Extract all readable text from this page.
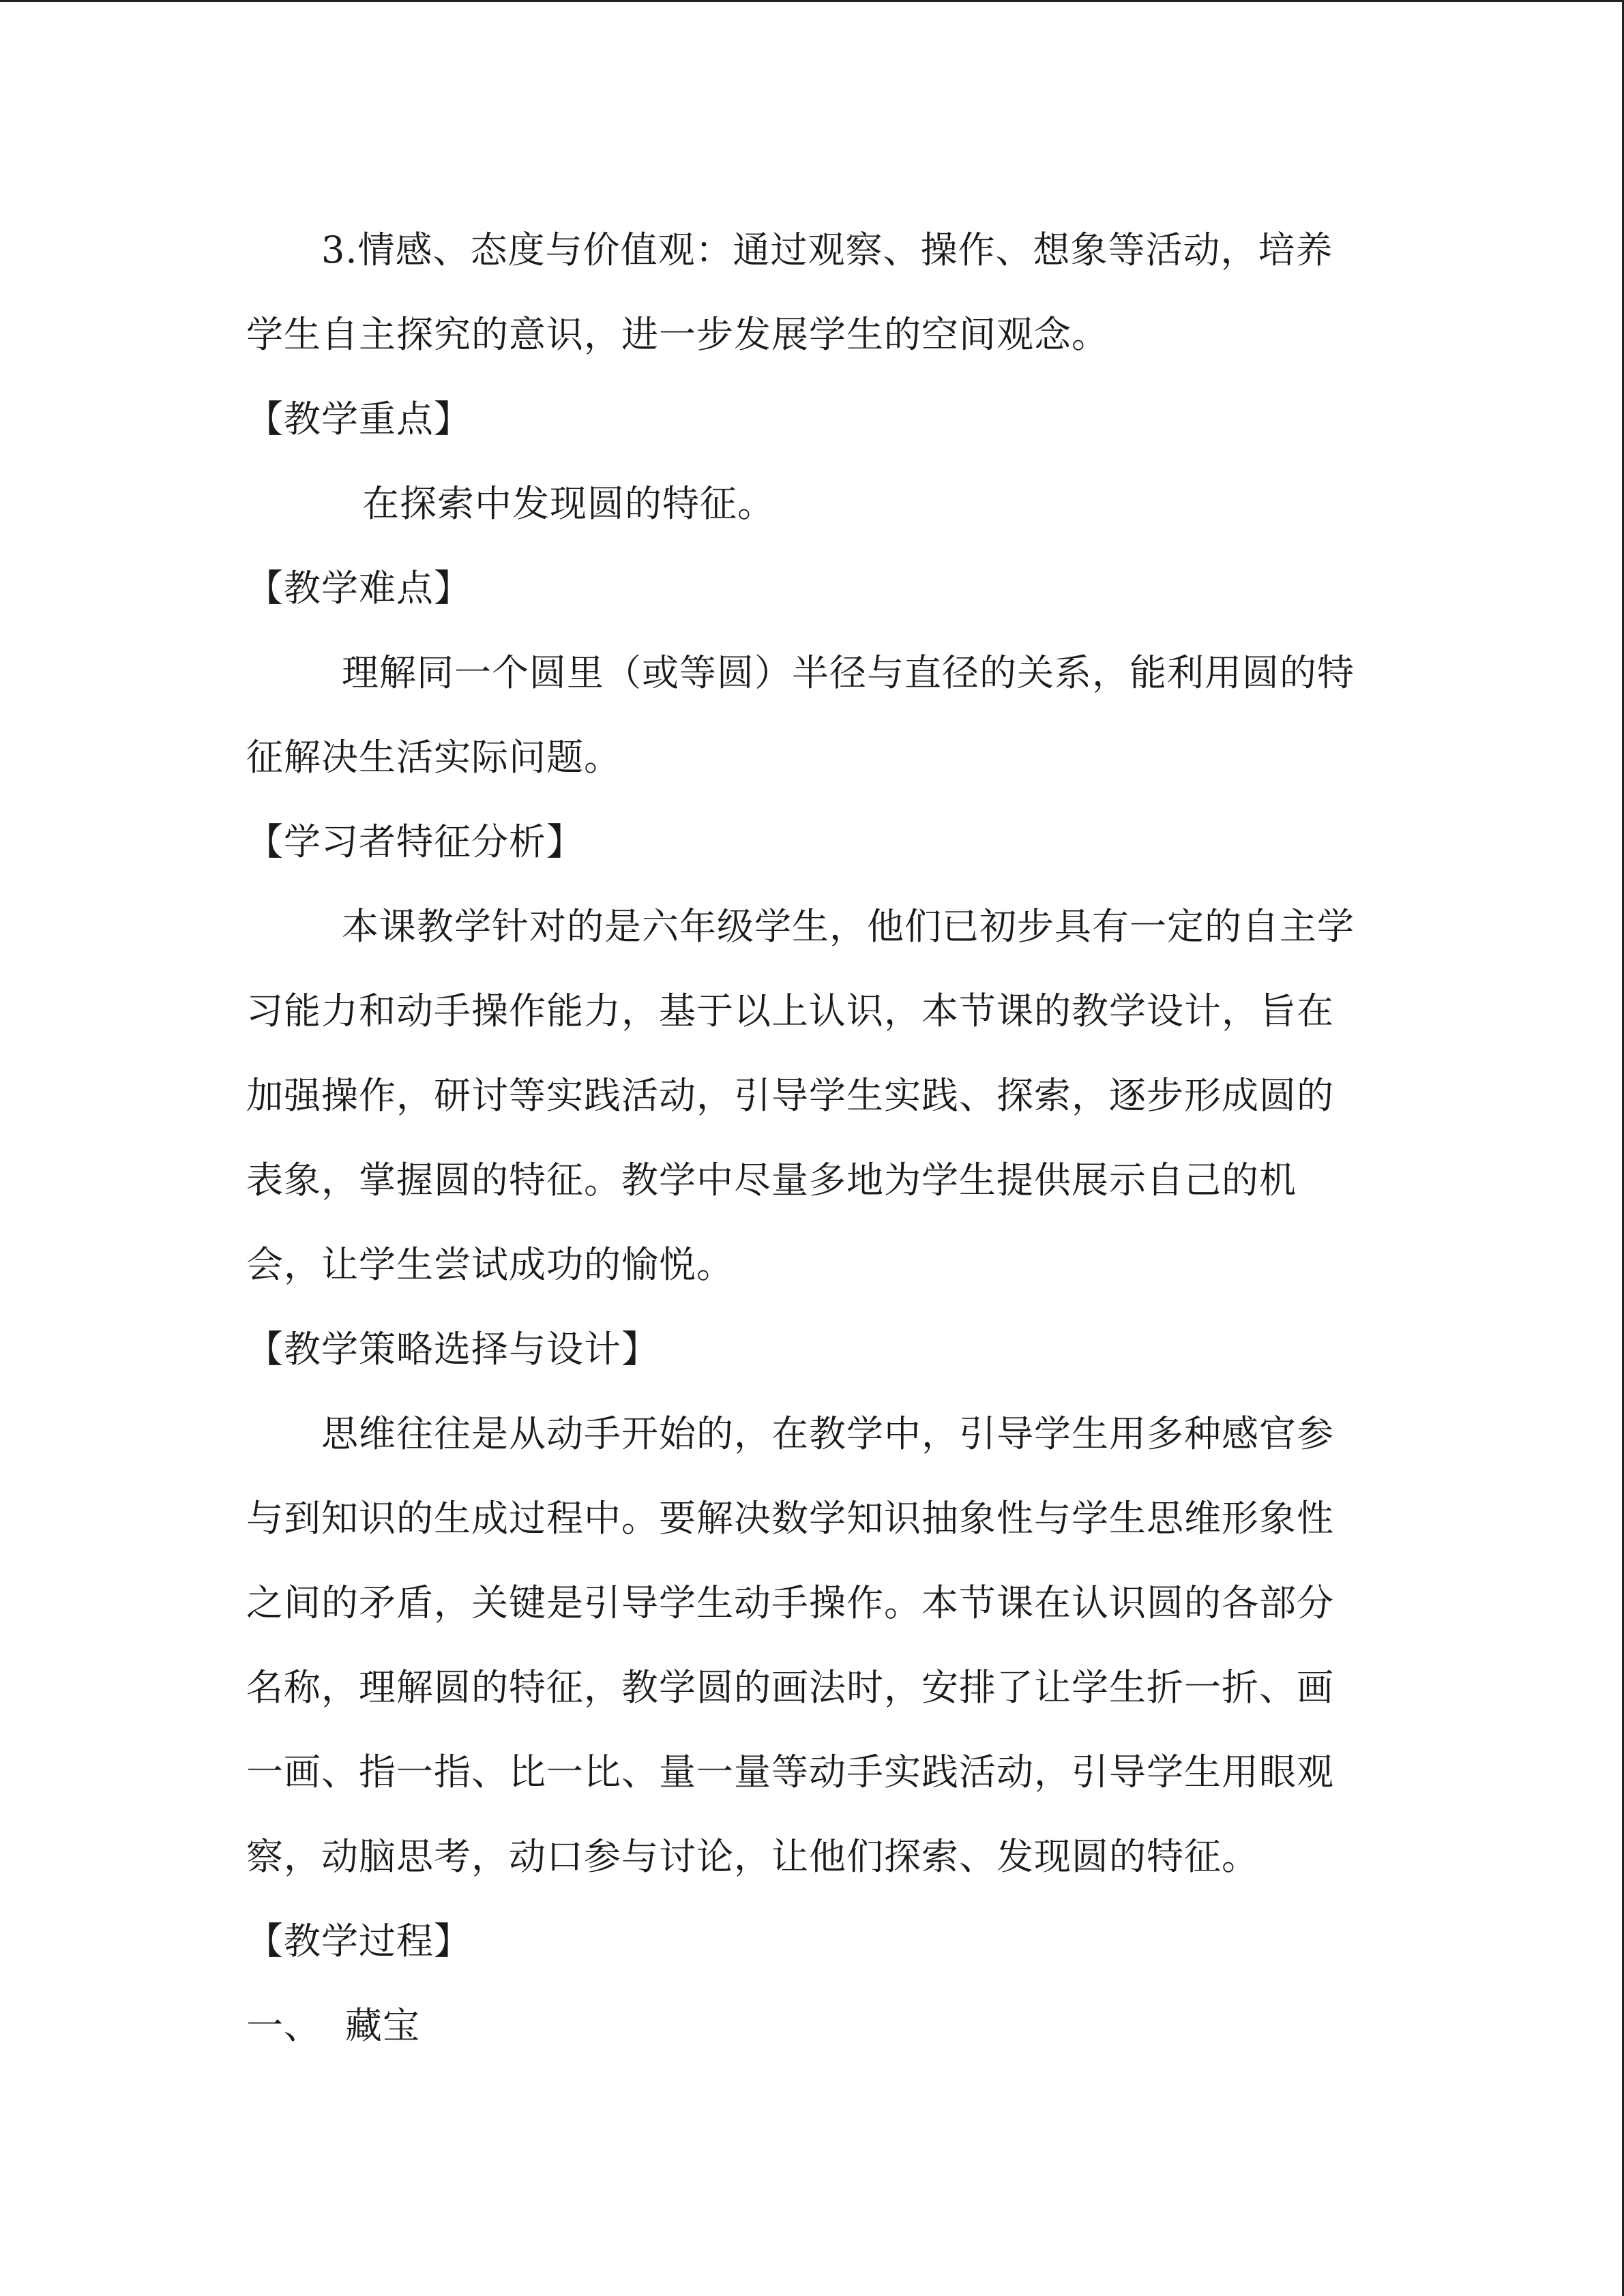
3.情感、态度与价值观：通过观察、操作、想象等活动，培养
学生自主探究的意识，进一步发展学生的空间观念。
【教学重点】
在探索中发现圆的特征。
【教学难点】
理解同一个圆里（或等圆）半径与直径的关系，能利用圆的特
征解决生活实际问题。
【学习者特征分析】
本课教学针对的是六年级学生，他们已初步具有一定的自主学
习能力和动手操作能力，基于以上认识，本节课的教学设计，旨在
加强操作，研讨等实践活动，引导学生实践、探索，逐步形成圆的
表象，掌握圆的特征。教学中尽量多地为学生提供展示自己的机
会，让学生尝试成功的愉悦。
【教学策略选择与设计】
思维往往是从动手开始的，在教学中，引导学生用多种感官参
与到知识的生成过程中。要解决数学知识抽象性与学生思维形象性
之间的矛盾，关键是引导学生动手操作。本节课在认识圆的各部分
名称，理解圆的特征，教学圆的画法时，安排了让学生折一折、画
一画、指一指、比一比、量一量等动手实践活动，引导学生用眼观
察，动脑思考，动口参与讨论，让他们探索、发现圆的特征。
【教学过程】
一、 藏宝
